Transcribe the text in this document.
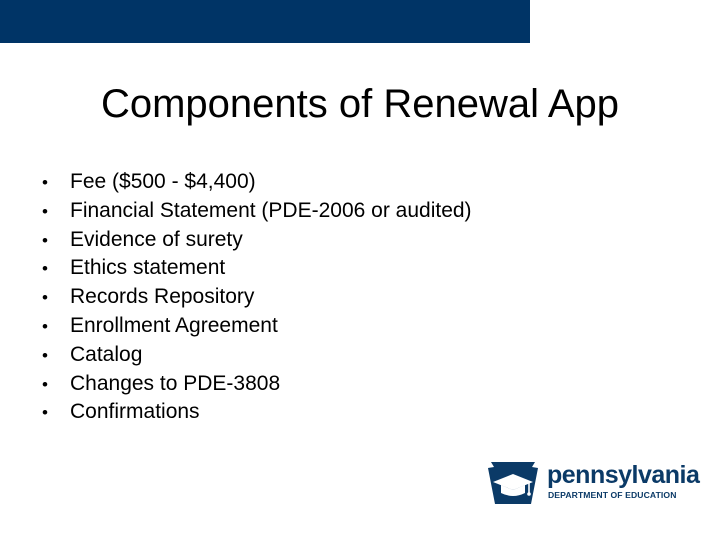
Components of Renewal App
•	Fee ($500 - $4,400)
•	Financial Statement (PDE-2006 or audited)
•	Evidence of surety
•	Ethics statement
•	Records Repository
•	Enrollment Agreement
•	Catalog
•	Changes to PDE-3808
•	Confirmations
pennsylvania
DEPARTMENT OF EDUCATION
